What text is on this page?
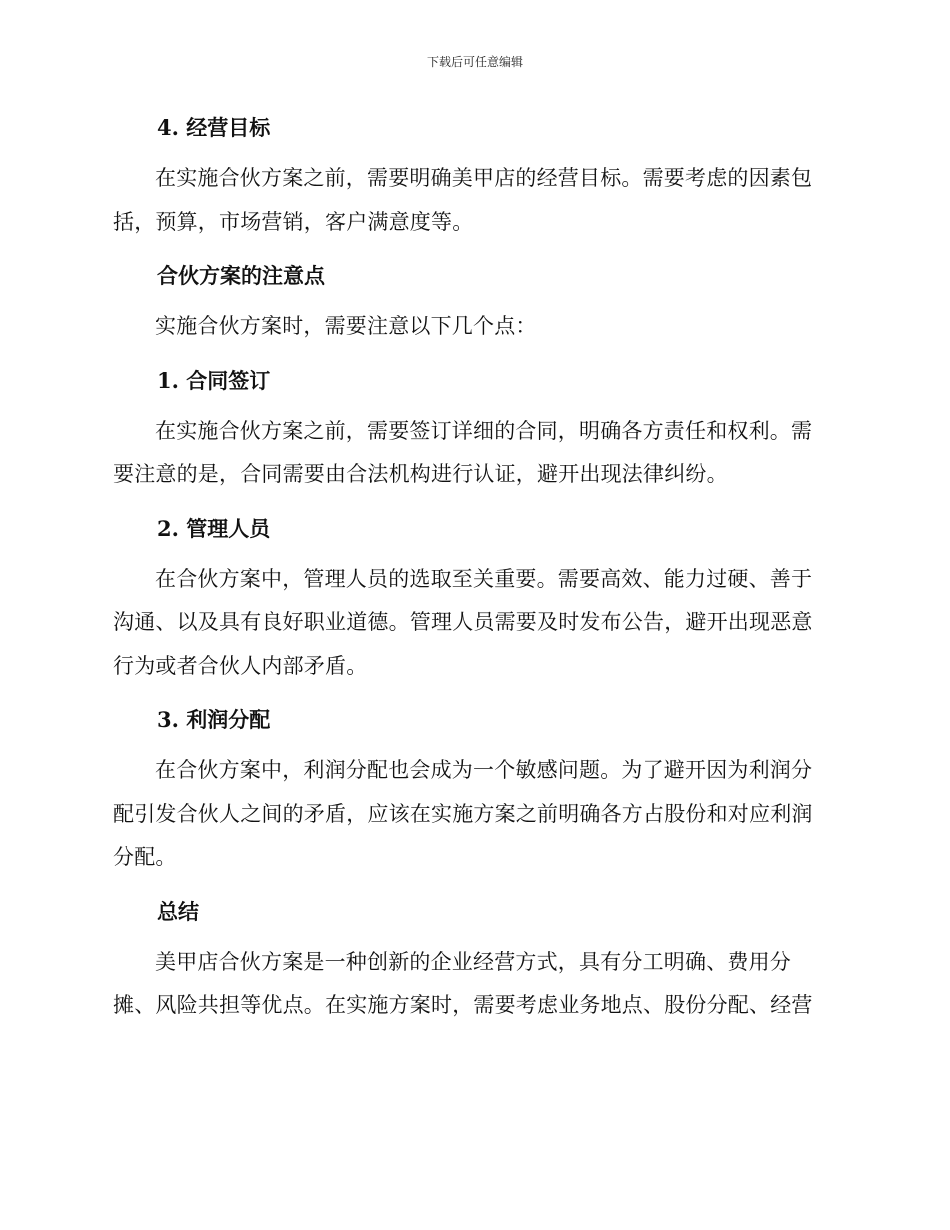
下载后可任意编辑
4. 经营目标

在实施合伙方案之前，需要明确美甲店的经营目标。需要考虑的因素包括，预算，市场营销，客户满意度等。

合伙方案的注意点

实施合伙方案时，需要注意以下几个点：

1. 合同签订

在实施合伙方案之前，需要签订详细的合同，明确各方责任和权利。需要注意的是，合同需要由合法机构进行认证，避开出现法律纠纷。

2. 管理人员

在合伙方案中，管理人员的选取至关重要。需要高效、能力过硬、善于沟通、以及具有良好职业道德。管理人员需要及时发布公告，避开出现恶意行为或者合伙人内部矛盾。

3. 利润分配

在合伙方案中，利润分配也会成为一个敏感问题。为了避开因为利润分配引发合伙人之间的矛盾，应该在实施方案之前明确各方占股份和对应利润分配。

总结

美甲店合伙方案是一种创新的企业经营方式，具有分工明确、费用分摊、风险共担等优点。在实施方案时，需要考虑业务地点、股份分配、经营
